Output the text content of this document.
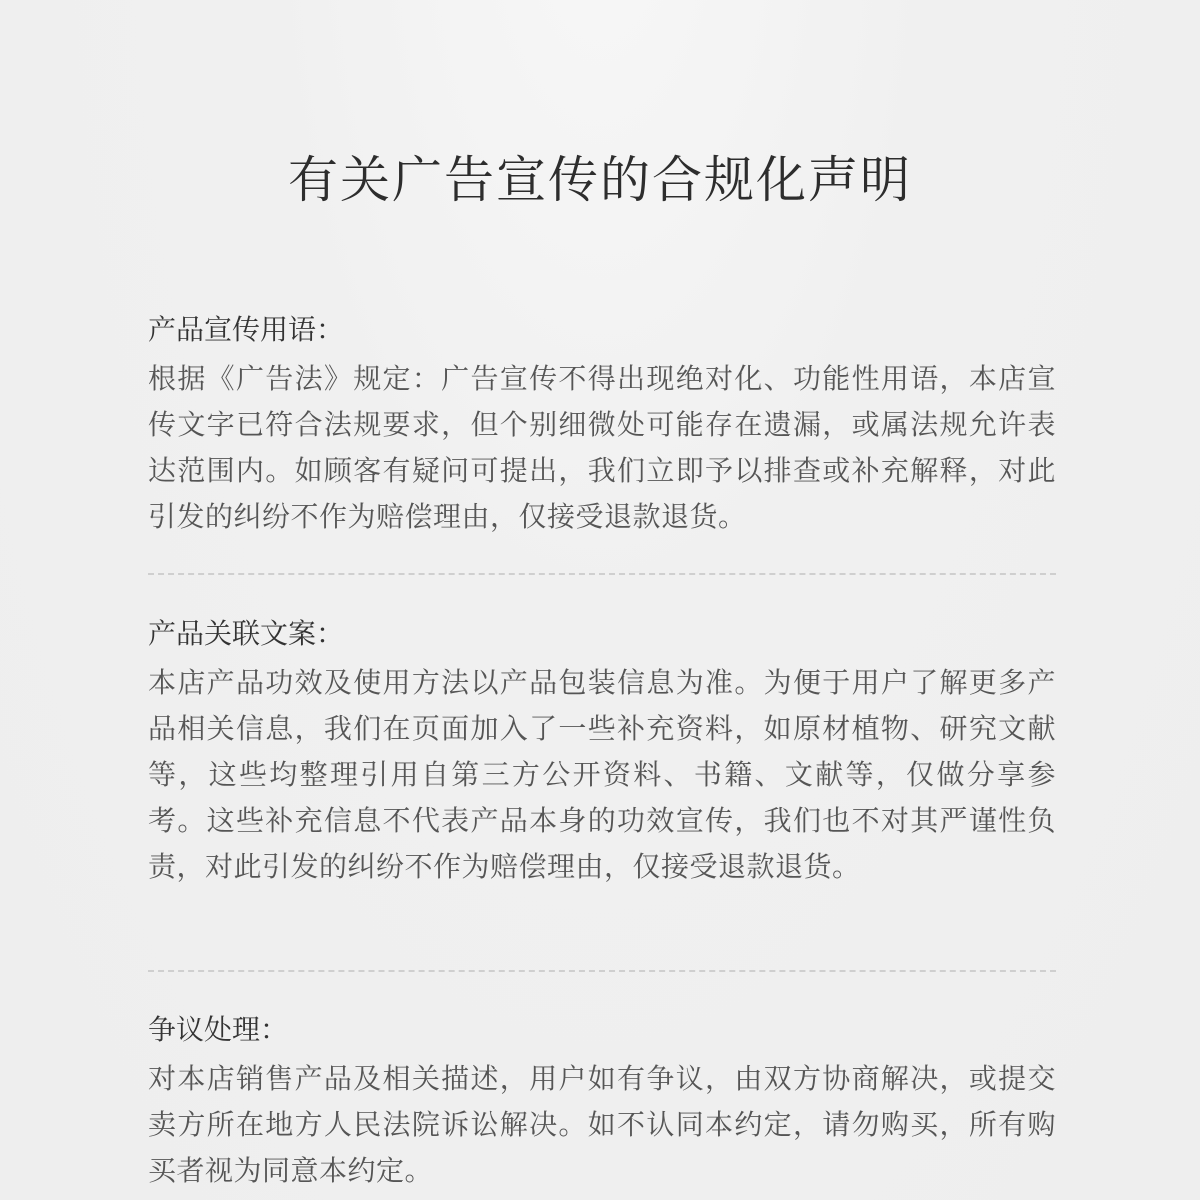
有关广告宣传的合规化声明
产品宣传用语：

根据《广告法》规定：广告宣传不得出现绝对化、功能性用语，本店宣传文字已符合法规要求，但个别细微处可能存在遗漏，或属法规允许表达范围内。如顾客有疑问可提出，我们立即予以排查或补充解释，对此引发的纠纷不作为赔偿理由，仅接受退款退货。

产品关联文案：

本店产品功效及使用方法以产品包装信息为准。为便于用户了解更多产品相关信息，我们在页面加入了一些补充资料，如原材植物、研究文献等，这些均整理引用自第三方公开资料、书籍、文献等，仅做分享参考。这些补充信息不代表产品本身的功效宣传，我们也不对其严谨性负责，对此引发的纠纷不作为赔偿理由，仅接受退款退货。

争议处理：

对本店销售产品及相关描述，用户如有争议，由双方协商解决，或提交卖方所在地方人民法院诉讼解决。如不认同本约定，请勿购买，所有购买者视为同意本约定。
